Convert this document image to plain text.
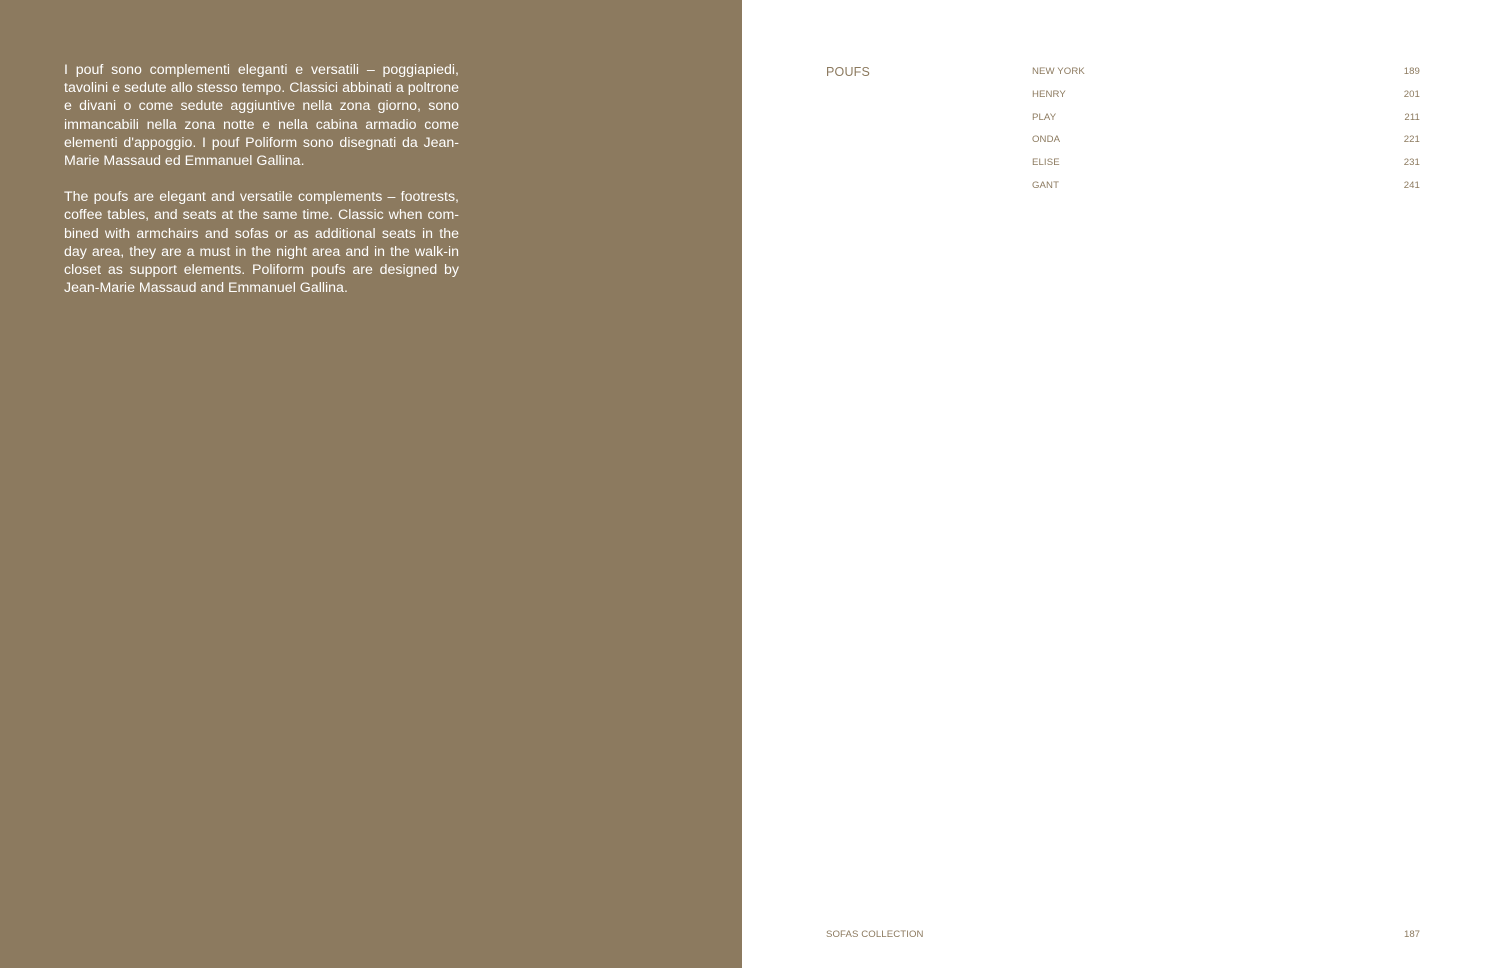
I pouf sono complementi eleganti e versatili – poggiapiedi, tavolini e sedute allo stesso tempo. Classici abbinati a poltrone e divani o come sedute aggiuntive nella zona giorno, sono immancabili nella zona notte e nella cabina armadio come elementi d'appoggio. I pouf Poliform sono disegnati da Jean-Marie Massaud ed Emmanuel Gallina.

The poufs are elegant and versatile complements – footrests, coffee tables, and seats at the same time. Classic when com-bined with armchairs and sofas or as additional seats in the day area, they are a must in the night area and in the walk-in closet as support elements. Poliform poufs are designed by Jean-Marie Massaud and Emmanuel Gallina.

POUFS	NEW YORK	189
HENRY	201
PLAY	211
ONDA	221
ELISE	231
GANT	241
SOFAS COLLECTION	187
